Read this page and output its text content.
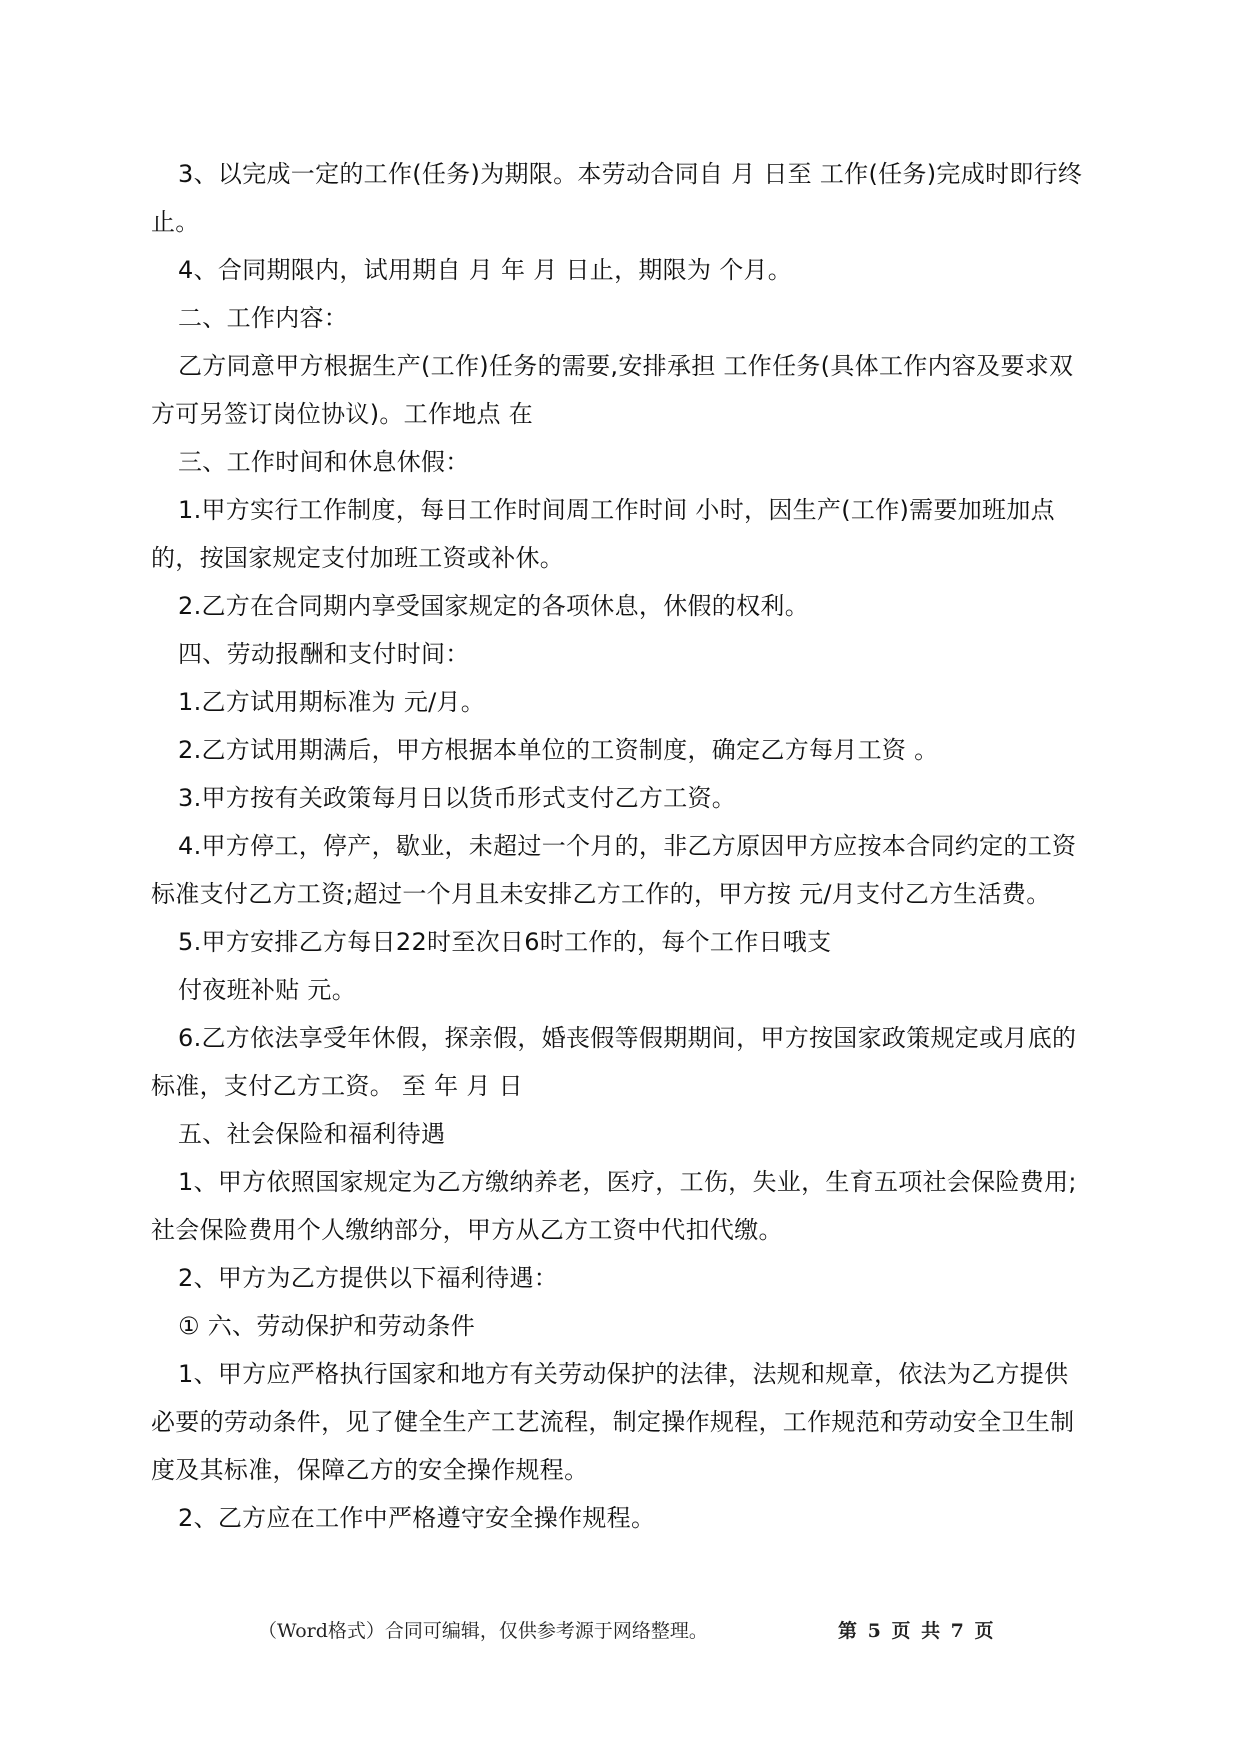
3、以完成一定的工作(任务)为期限。本劳动合同自 月 日至 工作(任务)完成时即行终止。

4、合同期限内，试用期自 月 年 月 日止，期限为 个月。

二、工作内容：

乙方同意甲方根据生产(工作)任务的需要,安排承担 工作任务(具体工作内容及要求双方可另签订岗位协议)。工作地点 在

三、工作时间和休息休假：

1.甲方实行工作制度，每日工作时间周工作时间 小时，因生产(工作)需要加班加点的，按国家规定支付加班工资或补休。

2.乙方在合同期内享受国家规定的各项休息，休假的权利。

四、劳动报酬和支付时间：

1.乙方试用期标准为 元/月。

2.乙方试用期满后，甲方根据本单位的工资制度，确定乙方每月工资 。

3.甲方按有关政策每月日以货币形式支付乙方工资。

4.甲方停工，停产，歇业，未超过一个月的，非乙方原因甲方应按本合同约定的工资标准支付乙方工资;超过一个月且未安排乙方工作的，甲方按 元/月支付乙方生活费。

5.甲方安排乙方每日22时至次日6时工作的，每个工作日哦支

付夜班补贴 元。

6.乙方依法享受年休假，探亲假，婚丧假等假期期间，甲方按国家政策规定或月底的标准，支付乙方工资。 至 年 月 日

五、社会保险和福利待遇

1、甲方依照国家规定为乙方缴纳养老，医疗，工伤，失业，生育五项社会保险费用;社会保险费用个人缴纳部分，甲方从乙方工资中代扣代缴。

2、甲方为乙方提供以下福利待遇：

① 六、劳动保护和劳动条件

1、甲方应严格执行国家和地方有关劳动保护的法律，法规和规章，依法为乙方提供必要的劳动条件，见了健全生产工艺流程，制定操作规程，工作规范和劳动安全卫生制度及其标准，保障乙方的安全操作规程。

2、乙方应在工作中严格遵守安全操作规程。

（Word格式）合同可编辑，仅供参考源于网络整理。	第 5 页 共 7 页
